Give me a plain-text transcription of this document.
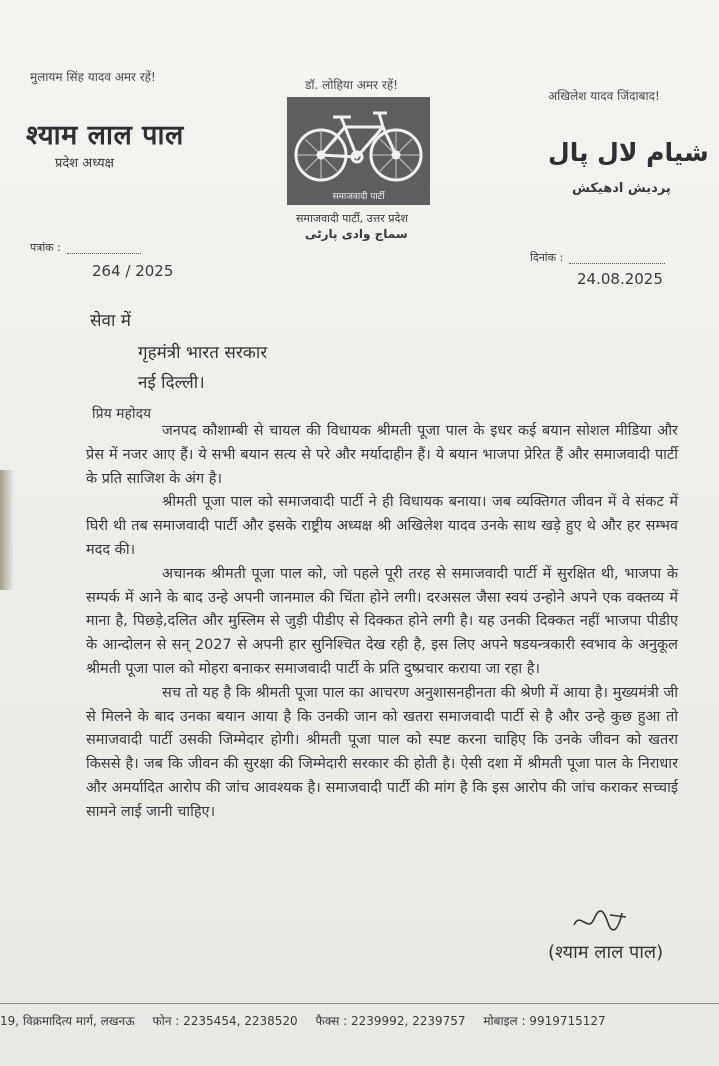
मुलायम सिंह यादव अमर रहें!
डॉ. लोहिया अमर रहें!
अखिलेश यादव जिंदाबाद!
श्याम लाल पाल
प्रदेश अध्यक्ष
समाजवादी पार्टी
समाजवादी पार्टी, उत्तर प्रदेश
سماج وادی پارٹی
شیام لال پال
پردیش ادھیکش
पत्रांक :
264 / 2025
दिनांक :
24.08.2025
सेवा में
गृहमंत्री भारत सरकार
नई दिल्ली।
प्रिय महोदय

जनपद कौशाम्बी से चायल की विधायक श्रीमती पूजा पाल के इधर कई बयान सोशल मीडिया और प्रेस में नजर आए हैं। ये सभी बयान सत्य से परे और मर्यादाहीन हैं। ये बयान भाजपा प्रेरित हैं और समाजवादी पार्टी के प्रति साजिश के अंग है।

श्रीमती पूजा पाल को समाजवादी पार्टी ने ही विधायक बनाया। जब व्यक्तिगत जीवन में वे संकट में घिरी थी तब समाजवादी पार्टी और इसके राष्ट्रीय अध्यक्ष श्री अखिलेश यादव उनके साथ खड़े हुए थे और हर सम्भव मदद की।

अचानक श्रीमती पूजा पाल को, जो पहले पूरी तरह से समाजवादी पार्टी में सुरक्षित थी, भाजपा के सम्पर्क में आने के बाद उन्हे अपनी जानमाल की चिंता होने लगी। दरअसल जैसा स्वयं उन्होने अपने एक वक्तव्य में माना है, पिछड़े,दलित और मुस्लिम से जुड़ी पीडीए से दिक्कत होने लगी है। यह उनकी दिक्कत नहीं भाजपा पीडीए के आन्दोलन से सन् 2027 से अपनी हार सुनिश्चित देख रही है, इस लिए अपने षडयन्त्रकारी स्वभाव के अनुकूल श्रीमती पूजा पाल को मोहरा बनाकर समाजवादी पार्टी के प्रति दुष्प्रचार कराया जा रहा है।

सच तो यह है कि श्रीमती पूजा पाल का आचरण अनुशासनहीनता की श्रेणी में आया है। मुख्यमंत्री जी से मिलने के बाद उनका बयान आया है कि उनकी जान को खतरा समाजवादी पार्टी से है और उन्हे कुछ हुआ तो समाजवादी पार्टी उसकी जिम्मेदार होगी। श्रीमती पूजा पाल को स्पष्ट करना चाहिए कि उनके जीवन को खतरा किससे है। जब कि जीवन की सुरक्षा की जिम्मेदारी सरकार की होती है। ऐसी दशा में श्रीमती पूजा पाल के निराधार और अमर्यादित आरोप की जांच आवश्यक है। समाजवादी पार्टी की मांग है कि इस आरोप की जांच कराकर सच्चाई सामने लाई जानी चाहिए।

(श्याम लाल पाल)
19, विक्रमादित्य मार्ग, लखनऊ फोन : 2235454, 2238520 फैक्स : 2239992, 2239757 मोबाइल : 9919715127
